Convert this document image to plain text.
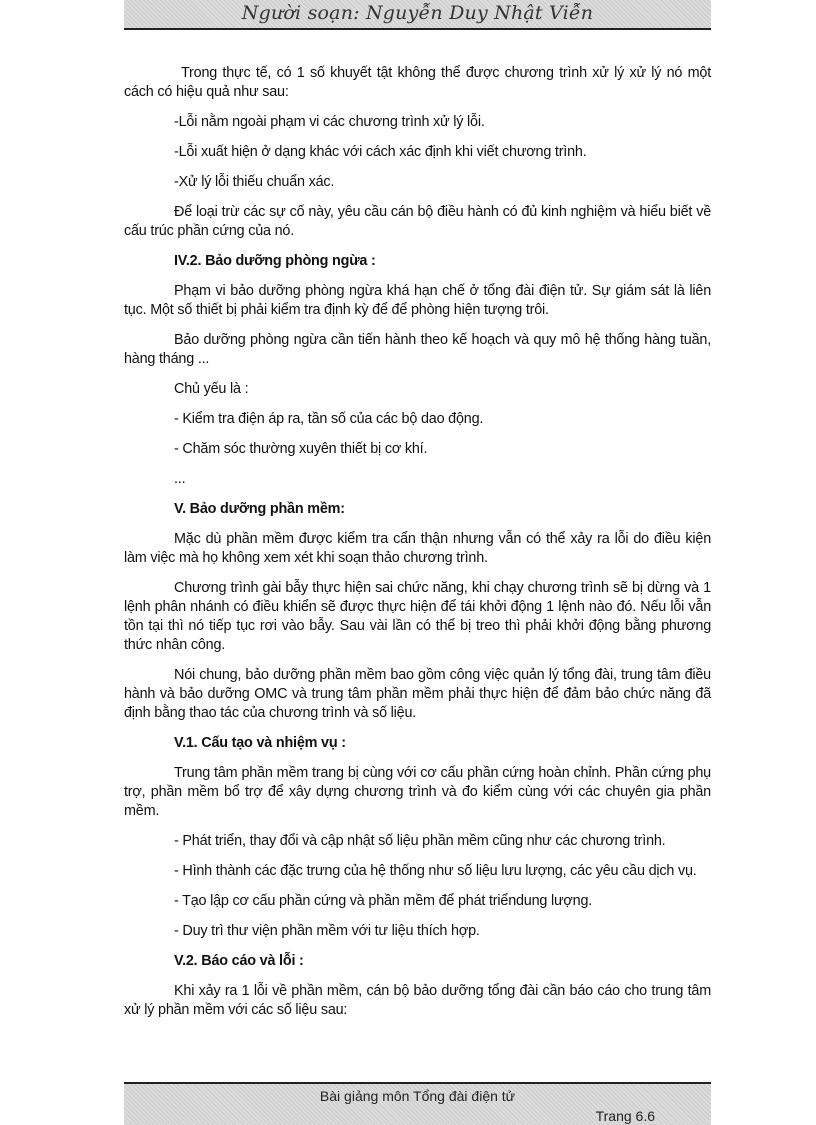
Người soạn: Nguyễn Duy Nhật Viễn

Trong thực tế, có 1 số khuyết tật không thể được chương trình xử lý xử lý nó một cách có hiệu quả như sau:

-Lỗi nằm ngoài phạm vi các chương trình xử lý lỗi.

-Lỗi xuất hiện ở dạng khác với cách xác định khi viết chương trình.

-Xử lý lỗi thiếu chuẩn xác.

Để loại trừ các sự cố này, yêu cầu cán bộ điều hành có đủ kinh nghiệm và hiểu biết về cấu trúc phần cứng của nó.

IV.2. Bảo dưỡng phòng ngừa :

Phạm vi bảo dưỡng phòng ngừa khá hạn chế ở tổng đài điện tử. Sự giám sát là liên tục. Một số thiết bị phải kiểm tra định kỳ để để phòng hiện tượng trôi.

Bảo dưỡng phòng ngừa cần tiến hành theo kế hoạch và quy mô hệ thống hàng tuần, hàng tháng ...

Chủ yếu là :

- Kiểm tra điện áp ra, tần số của các bộ dao động.

- Chăm sóc thường xuyên thiết bị cơ khí.

...

V. Bảo dưỡng phần mềm:

Mặc dù phần mềm được kiểm tra cẩn thận nhưng vẫn có thể xảy ra lỗi do điều kiện làm việc mà họ không xem xét khi soạn thảo chương trình.

Chương trình gài bẫy thực hiện sai chức năng, khi chạy chương trình sẽ bị dừng và 1 lệnh phân nhánh có điều khiển sẽ được thực hiện để tái khởi động 1 lệnh nào đó. Nếu lỗi vẫn tồn tại thì nó tiếp tục rơi vào bẫy. Sau vài lần có thể bị treo thì phải khởi động bằng phương thức nhân công.

Nói chung, bảo dưỡng phần mềm bao gồm công việc quản lý tổng đài, trung tâm điều hành và bảo dưỡng OMC và trung tâm phần mềm phải thực hiện để đảm bảo chức năng đã định bằng thao tác của chương trình và số liệu.

V.1. Cấu tạo và nhiệm vụ :

Trung tâm phần mềm trang bị cùng với cơ cấu phần cứng hoàn chỉnh. Phần cứng phụ trợ, phần mềm bổ trợ để xây dựng chương trình và đo kiểm cùng với các chuyên gia phần mềm.

- Phát triển, thay đổi và cập nhật số liệu phần mềm cũng như các chương trình.

- Hình thành các đặc trưng của hệ thống như số liệu lưu lượng, các yêu cầu dịch vụ.

- Tạo lập cơ cấu phần cứng và phần mềm để phát triểndung lượng.

- Duy trì thư viện phần mềm với tư liệu thích hợp.

V.2. Báo cáo và lỗi :

Khi xảy ra 1 lỗi về phần mềm, cán bộ bảo dưỡng tổng đài cần báo cáo cho trung tâm xử lý phần mềm với các số liệu sau:

Bài giảng môn Tổng đài điện tử
Trang 6.6
